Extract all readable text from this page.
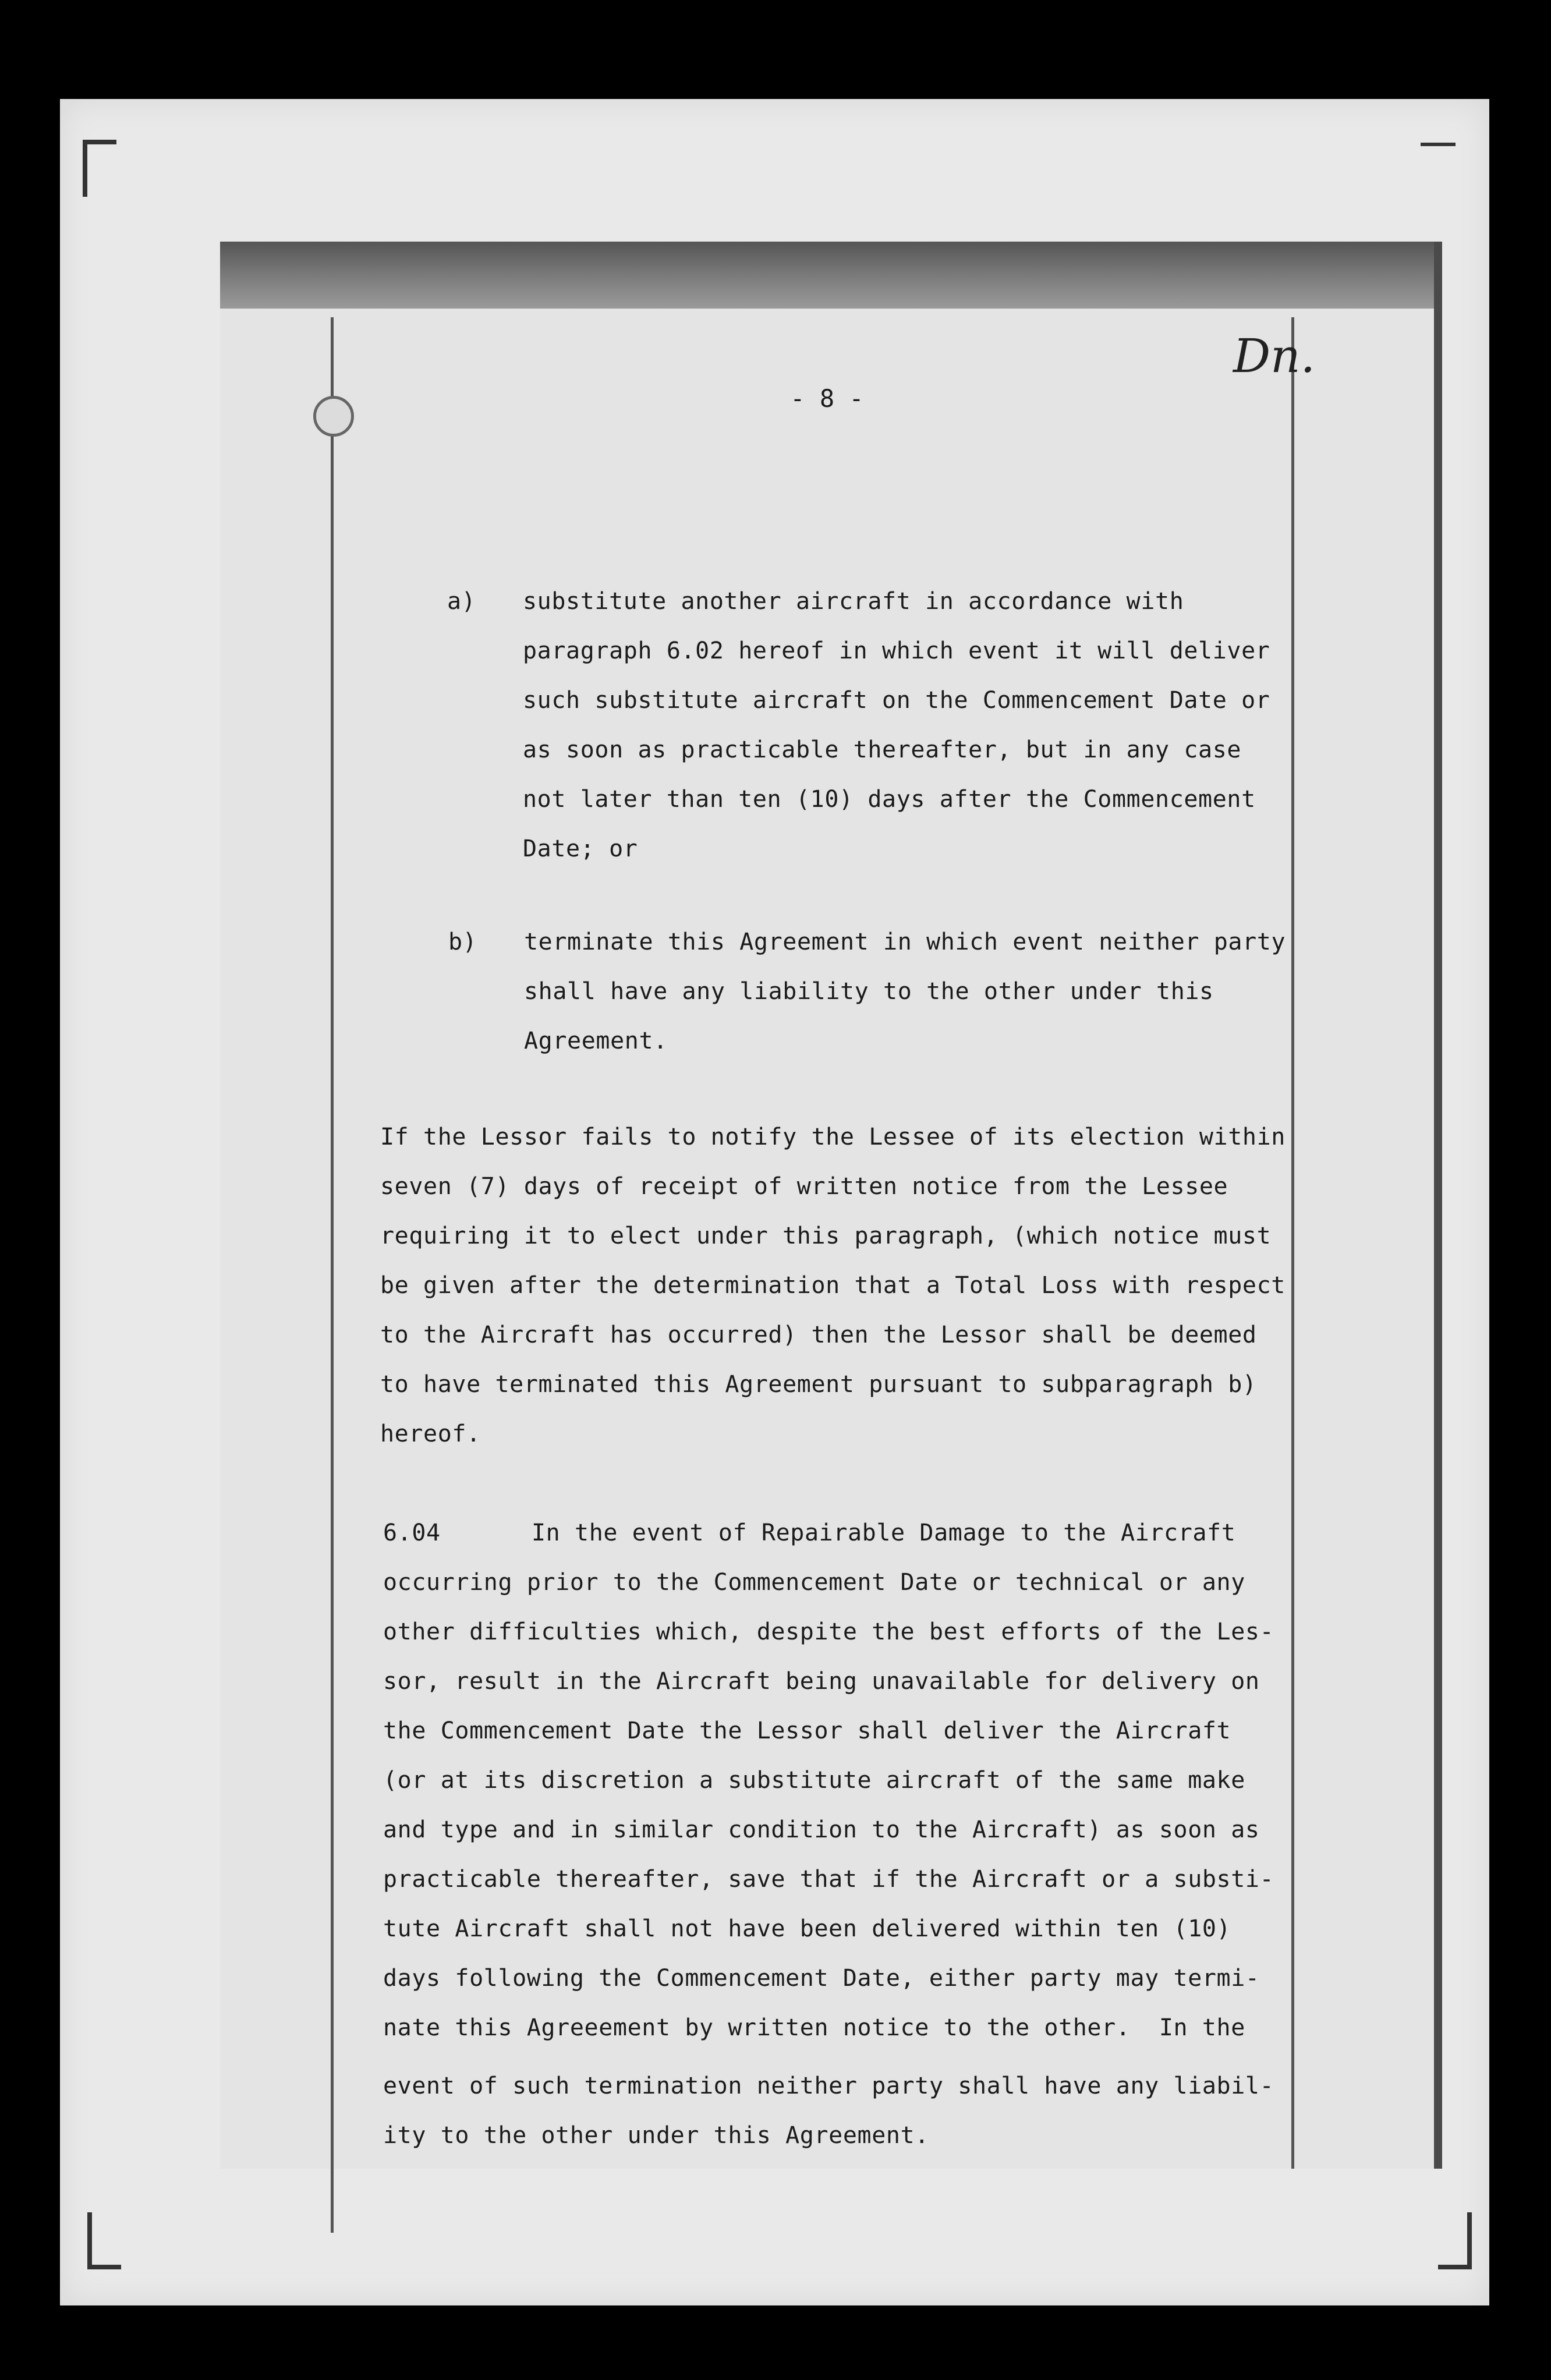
Dn.
- 8 -
a) substitute another aircraft in accordance with
paragraph 6.02 hereof in which event it will deliver
such substitute aircraft on the Commencement Date or
as soon as practicable thereafter, but in any case
not later than ten (10) days after the Commencement
Date; or
b) terminate this Agreement in which event neither party
shall have any liability to the other under this
Agreement.
If the Lessor fails to notify the Lessee of its election within
seven (7) days of receipt of written notice from the Lessee
requiring it to elect under this paragraph, (which notice must
be given after the determination that a Total Loss with respect
to the Aircraft has occurred) then the Lessor shall be deemed
to have terminated this Agreement pursuant to subparagraph b)
hereof.
6.04	In the event of Repairable Damage to the Aircraft
occurring prior to the Commencement Date or technical or any
other difficulties which, despite the best efforts of the Les-
sor, result in the Aircraft being unavailable for delivery on
the Commencement Date the Lessor shall deliver the Aircraft
(or at its discretion a substitute aircraft of the same make
and type and in similar condition to the Aircraft) as soon as
practicable thereafter, save that if the Aircraft or a substi-
tute Aircraft shall not have been delivered within ten (10)
days following the Commencement Date, either party may termi-
nate this Agreeement by written notice to the other.  In the
event of such termination neither party shall have any liabil-
ity to the other under this Agreement.
